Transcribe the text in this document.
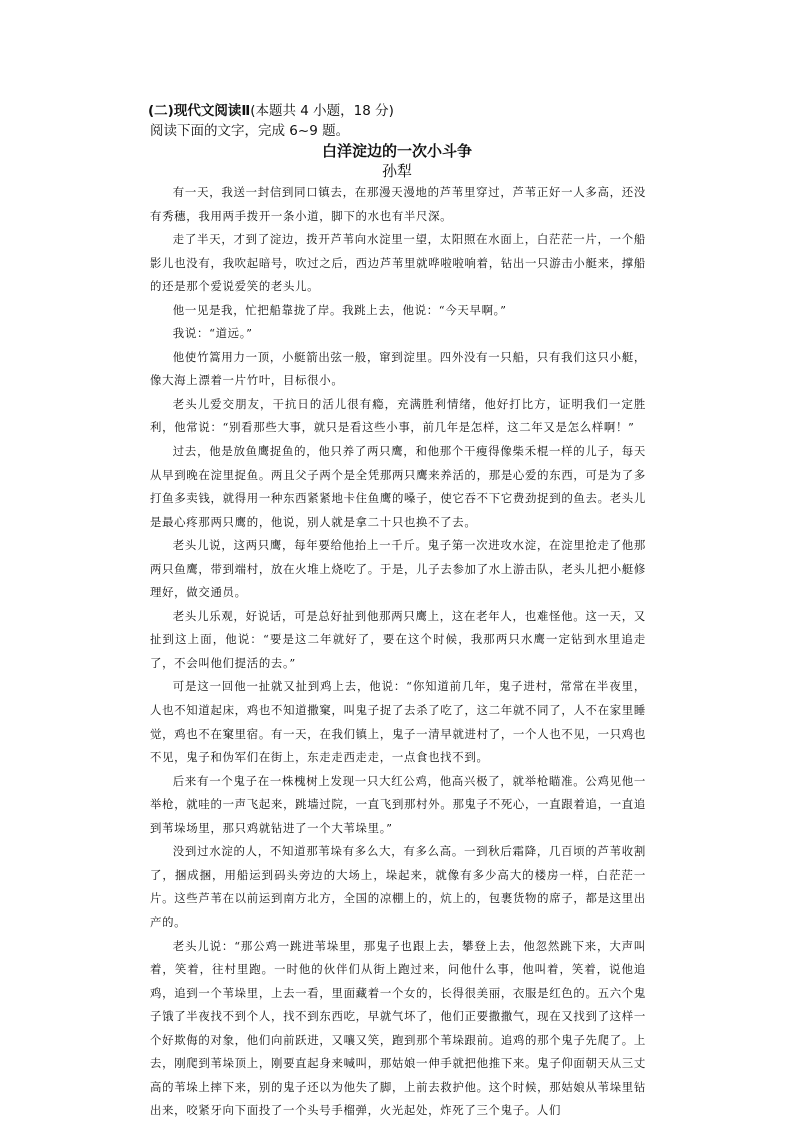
(二)现代文阅读Ⅱ(本题共 4 小题，18 分)
阅读下面的文字，完成 6~9 题。
白洋淀边的一次小斗争
孙犁

有一天，我送一封信到同口镇去，在那漫天漫地的芦苇里穿过，芦苇正好一人多高，还没有秀穗，我用两手拨开一条小道，脚下的水也有半尺深。

走了半天，才到了淀边，拨开芦苇向水淀里一望，太阳照在水面上，白茫茫一片，一个船影儿也没有，我吹起暗号，吹过之后，西边芦苇里就哗啦啦响着，钻出一只游击小艇来，撑船的还是那个爱说爱笑的老头儿。

他一见是我，忙把船靠拢了岸。我跳上去，他说：“今天早啊。”

我说：“道远。”

他使竹篙用力一顶，小艇箭出弦一般，窜到淀里。四外没有一只船，只有我们这只小艇，像大海上漂着一片竹叶，目标很小。

老头儿爱交朋友，干抗日的活儿很有瘾，充满胜利情绪，他好打比方，证明我们一定胜利，他常说：“别看那些大事，就只是看这些小事，前几年是怎样，这二年又是怎么样啊！”

过去，他是放鱼鹰捉鱼的，他只养了两只鹰，和他那个干瘦得像柴禾棍一样的儿子，每天从早到晚在淀里捉鱼。两且父子两个是全凭那两只鹰来养活的，那是心爱的东西，可是为了多打鱼多卖钱，就得用一种东西紧紧地卡住鱼鹰的嗓子，使它吞不下它费劲捉到的鱼去。老头儿是最心疼那两只鹰的，他说，别人就是拿二十只也换不了去。

老头儿说，这两只鹰，每年要给他抬上一千斤。鬼子第一次进攻水淀，在淀里抢走了他那两只鱼鹰，带到端村，放在火堆上烧吃了。于是，儿子去参加了水上游击队，老头儿把小艇修理好，做交通员。

老头儿乐观，好说话，可是总好扯到他那两只鹰上，这在老年人，也难怪他。这一天，又扯到这上面，他说：“要是这二年就好了，要在这个时候，我那两只水鹰一定钻到水里追走了，不会叫他们提活的去。”

可是这一回他一扯就又扯到鸡上去，他说：“你知道前几年，鬼子进村，常常在半夜里，人也不知道起床，鸡也不知道撒窠，叫鬼子捉了去杀了吃了，这二年就不同了，人不在家里睡觉，鸡也不在窠里宿。有一天，在我们镇上，鬼子一清早就进村了，一个人也不见，一只鸡也不见，鬼子和伪军们在街上，东走走西走走，一点食也找不到。

后来有一个鬼子在一株槐树上发现一只大红公鸡，他高兴极了，就举枪瞄准。公鸡见他一举枪，就哇的一声飞起来，跳墙过院，一直飞到那村外。那鬼子不死心，一直跟着追，一直追到苇垛场里，那只鸡就钻进了一个大苇垛里。”

没到过水淀的人，不知道那苇垛有多么大，有多么高。一到秋后霜降，几百顷的芦苇收割了，捆成捆，用船运到码头旁边的大场上，垛起来，就像有多少高大的楼房一样，白茫茫一片。这些芦苇在以前运到南方北方，全国的凉棚上的，炕上的，包裹货物的席子，都是这里出产的。

老头儿说：“那公鸡一跳进苇垛里，那鬼子也跟上去，攀登上去，他忽然跳下来，大声叫着，笑着，往村里跑。一时他的伙伴们从街上跑过来，问他什么事，他叫着，笑着，说他追鸡，追到一个苇垛里，上去一看，里面藏着一个女的，长得很美丽，衣服是红色的。五六个鬼子饿了半夜找不到个人，找不到东西吃，早就气坏了，他们正要撒撒气，现在又找到了这样一个好欺侮的对象，他们向前跃进，又嚷又笑，跑到那个苇垛跟前。追鸡的那个鬼子先爬了。上去，刚爬到苇垛顶上，刚要直起身来喊叫，那姑娘一伸手就把他推下来。鬼子仰面朝天从三丈高的苇垛上摔下来，别的鬼子还以为他失了脚，上前去救护他。这个时候，那姑娘从苇垛里钻出来，咬紧牙向下面投了一个头号手榴弹，火光起处，炸死了三个鬼子。人们
